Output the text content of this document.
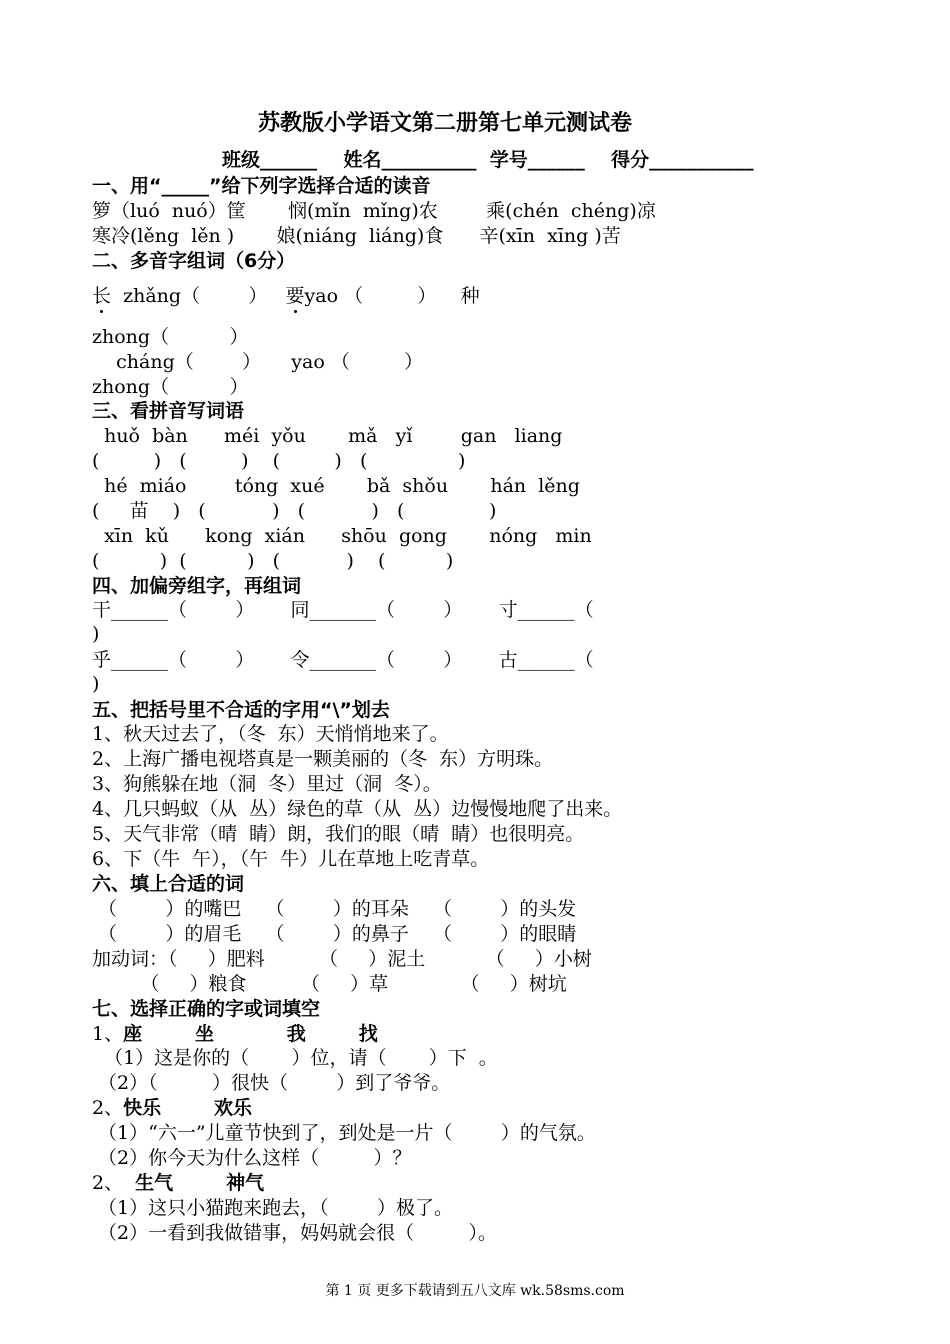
苏教版小学语文第二册第七单元测试卷
班级______    姓名__________  学号______    得分___________
一、用“_____”给下列字选择合适的读音
箩（luó  nuó）筐       悯(mǐn  mǐng)农        乘(chén  chéng)凉
寒冷(lěng  lěn )       娘(niáng  liáng)食      辛(xīn  xīng )苦
二、多音字组词（6分）
长  zhǎng（        ）   要yao （         ）    种
zhong（          ）
cháng（        ）     yao （         ）
zhong（          ）
三、看拼音写词语
huǒ  bàn      méi  yǒu       mǎ   yǐ        gan   liang
(         )   (         )    (         )   (               )
hé  miáo        tóng  xué       bǎ  shǒu       hán  lěng
(     苗    )   (           )   (           )   (              )
xīn  kǔ      kong  xián      shōu  gong       nóng   min
(          )  (          )   (           )    (          )
四、加偏旁组字，再组词
干______（        ）      同_______（        ）      寸______（
)
乎______（        ）      令_______（        ）      古______（
)
五、把括号里不合适的字用“\”划去
1、秋天过去了，（冬  东）天悄悄地来了。
2、上海广播电视塔真是一颗美丽的（冬  东）方明珠。
3、狗熊躲在地（洞  冬）里过（洞  冬）。
4、几只蚂蚁（从  丛）绿色的草（从  丛）边慢慢地爬了出来。
5、天气非常（晴  睛）朗，我们的眼（晴  睛）也很明亮。
6、下（牛  午），（午  牛）儿在草地上吃青草。
六、填上合适的词
（        ）的嘴巴    （        ）的耳朵    （        ）的头发
（        ）的眉毛    （        ）的鼻子    （        ）的眼睛
加动词：（     ）肥料         （     ）泥土          （     ）小树
（     ）粮食         （     ）草            （     ）树坑
七、选择正确的字或词填空
1、座        坐           我        找
（1）这是你的（       ）位，请（       ）下  。
（2）（         ）很快（        ）到了爷爷。
2、快乐        欢乐
（1）“六一”儿童节快到了，到处是一片（        ）的气氛。
（2）你今天为什么这样（         ）？
2、  生气        神气
（1）这只小猫跑来跑去，（        ）极了。
（2）一看到我做错事，妈妈就会很（         ）。
第 1 页 更多下载请到五八文库 wk.58sms.com
